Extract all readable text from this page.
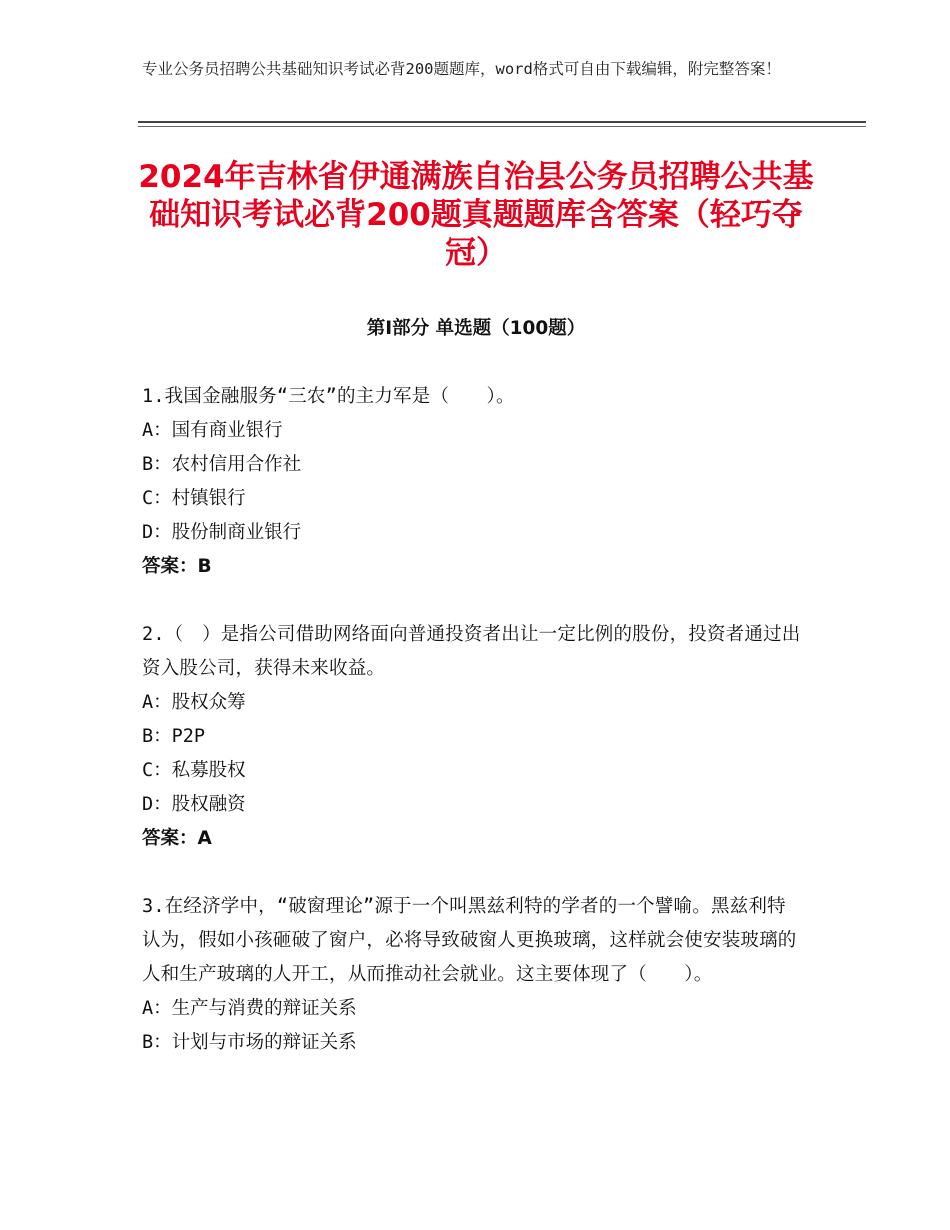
专业公务员招聘公共基础知识考试必背200题题库，word格式可自由下载编辑，附完整答案！
2024年吉林省伊通满族自治县公务员招聘公共基础知识考试必背200题真题题库含答案（轻巧夺冠）
第I部分 单选题（100题）
1.我国金融服务“三农”的主力军是（　　）。
A：国有商业银行
B：农村信用合作社
C：村镇银行
D：股份制商业银行
答案：B
2.（　）是指公司借助网络面向普通投资者出让一定比例的股份，投资者通过出资入股公司，获得未来收益。
A：股权众筹
B：P2P
C：私募股权
D：股权融资
答案：A
3.在经济学中，“破窗理论”源于一个叫黑兹利特的学者的一个譬喻。黑兹利特认为，假如小孩砸破了窗户，必将导致破窗人更换玻璃，这样就会使安装玻璃的人和生产玻璃的人开工，从而推动社会就业。这主要体现了（　　）。
A：生产与消费的辩证关系
B：计划与市场的辩证关系
